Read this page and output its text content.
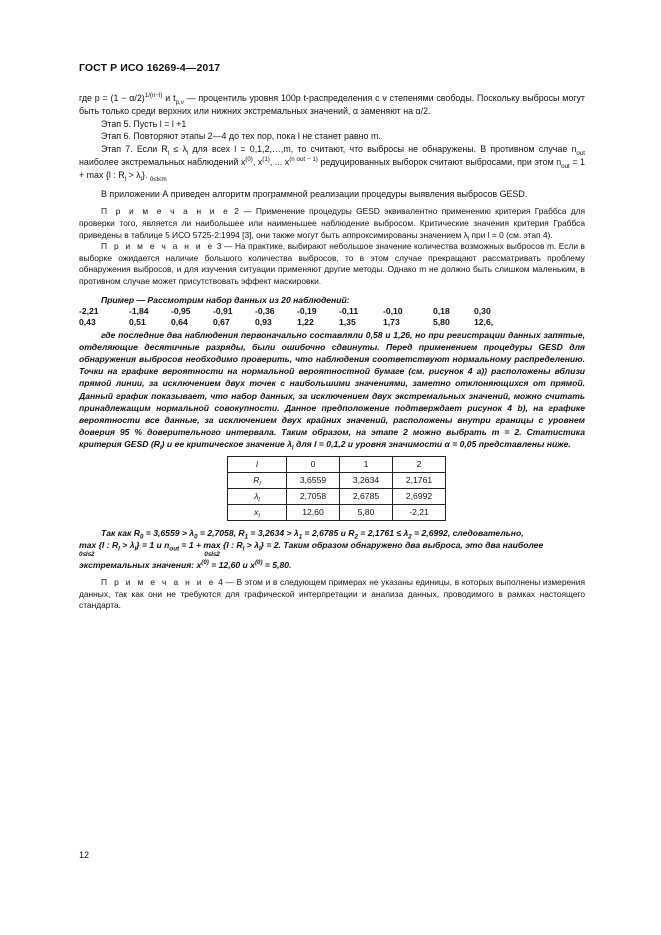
ГОСТ Р ИСО 16269-4—2017

где $p = (1 - \alpha/2)^{1/(n-l)}$ и $t_{p,\nu}$ — процентиль уровня 100p t-распределения с ν степенями свободы. Поскольку выбросы могут быть только среди верхних или нижних экстремальных значений, α заменяют на α/2.

Этап 5. Пусть l = l +1

Этап 6. Повторяют этапы 2—4 до тех пор, пока l не станет равно m.

Этап 7. Если $R_l \le \lambda_l$ для всех l = 0,1,2,…,m, то считают, что выбросы не обнаружены. В противном случае $n_{out}$ наиболее экстремальных наблюдений $x^{(0)}$, $x^{(1)}$, ... $x^{(n out - 1)}$ редуцированных выборок считают выбросами, при этом $n_{out} = 1 + \max \{l$ : $R_l > \lambda_l$}. $_{0\le l\le m}$

В приложении А приведен алгоритм программной реализации процедуры выявления выбросов GESD.

П р и м е ч а н и е 2 — Применение процедуры GESD эквивалентно применению критерия Граббса для проверки того, является ли наибольшее или наименьшее наблюдение выбросом. Критические значения критерия Граббса приведены в таблице 5 ИСО 5725-2:1994 [3], они также могут быть аппроксимированы значением $\lambda_l$ при l = 0 (см. этап 4).

П р и м е ч а н и е 3 — На практике, выбирают небольшое значение количества возможных выбросов m. Если в выборке ожидается наличие большого количества выбросов, то в этом случае прекращают рассматривать проблему обнаружения выбросов, и для изучения ситуации применяют другие методы. Однако m не должно быть слишком маленьким, в противном случае может присутствовать эффект маскировки.

Пример — Рассмотрим набор данных из 20 наблюдений:

-2,21	-1,84	-0,95	-0,91	-0,36	-0,19	-0,11	-0,10	0,18	0,30
0,43	0,51	0,64	0,67	0,93	1,22	1,35	1,73	5,80	12,6,

где последние два наблюдения первоначально составляли 0,58 и 1,26, но при регистрации данных запятые, отделяющие десятичные разряды, были ошибочно сдвинуты. Перед применением процедуры GESD для обнаружения выбросов необходимо проверить, что наблюдения соответствуют нормальному распределению. Точки на графике вероятности на нормальной вероятностной бумаге (см. рисунок 4 а)) расположены вблизи прямой линии, за исключением двух точек с наибольшими значениями, заметно отклоняющихся от прямой. Данный график показывает, что набор данных, за исключением двух экстремальных значений, можно считать принадлежащим нормальной совокупности. Данное предположение подтверждает рисунок 4 b), на графике вероятности все данные, за исключением двух крайних значений, расположены внутри границы с уровнем доверия 95 % доверительного интервала. Таким образом, на этапе 2 можно выбрать m = 2. Статистика критерия GESD $(R_l)$ и ее критическое значение $\lambda_l$ для l = 0,1,2 и уровня значимости α = 0,05 представлены ниже.

l	0	1	2
$R_l$	3,6559	3,2634	2,1761
$\lambda_l$	2,7058	2,6785	2,6992
$x_l$	12,60	5,80	-2,21

Так как $R_0 = 3,6559 > \lambda_0 = 2,7058$, $R_1 = 3,2634 > \lambda_1 = 2,6785$ и $R_2 = 2,1761 \le \lambda_2 = 2,6992$, следовательно,

max {l : $R_l > \lambda_l\} = 1$ и $n_{out} = 1 + \max \{l$ : $R_l > \lambda_l\} = 2$. Таким образом обнаружено два выброса, это два наиболее

0≤l≤2	0≤l≤2

экстремальных значения: $x^{(0)} = 12,60$ и $x^{(0)} = 5,80$.

П р и м е ч а н и е 4 — В этом и в следующем примерах не указаны единицы, в которых выполнены измерения данных, так как они не требуются для графической интерпретации и анализа данных, проводимого в рамках настоящего стандарта.

12
